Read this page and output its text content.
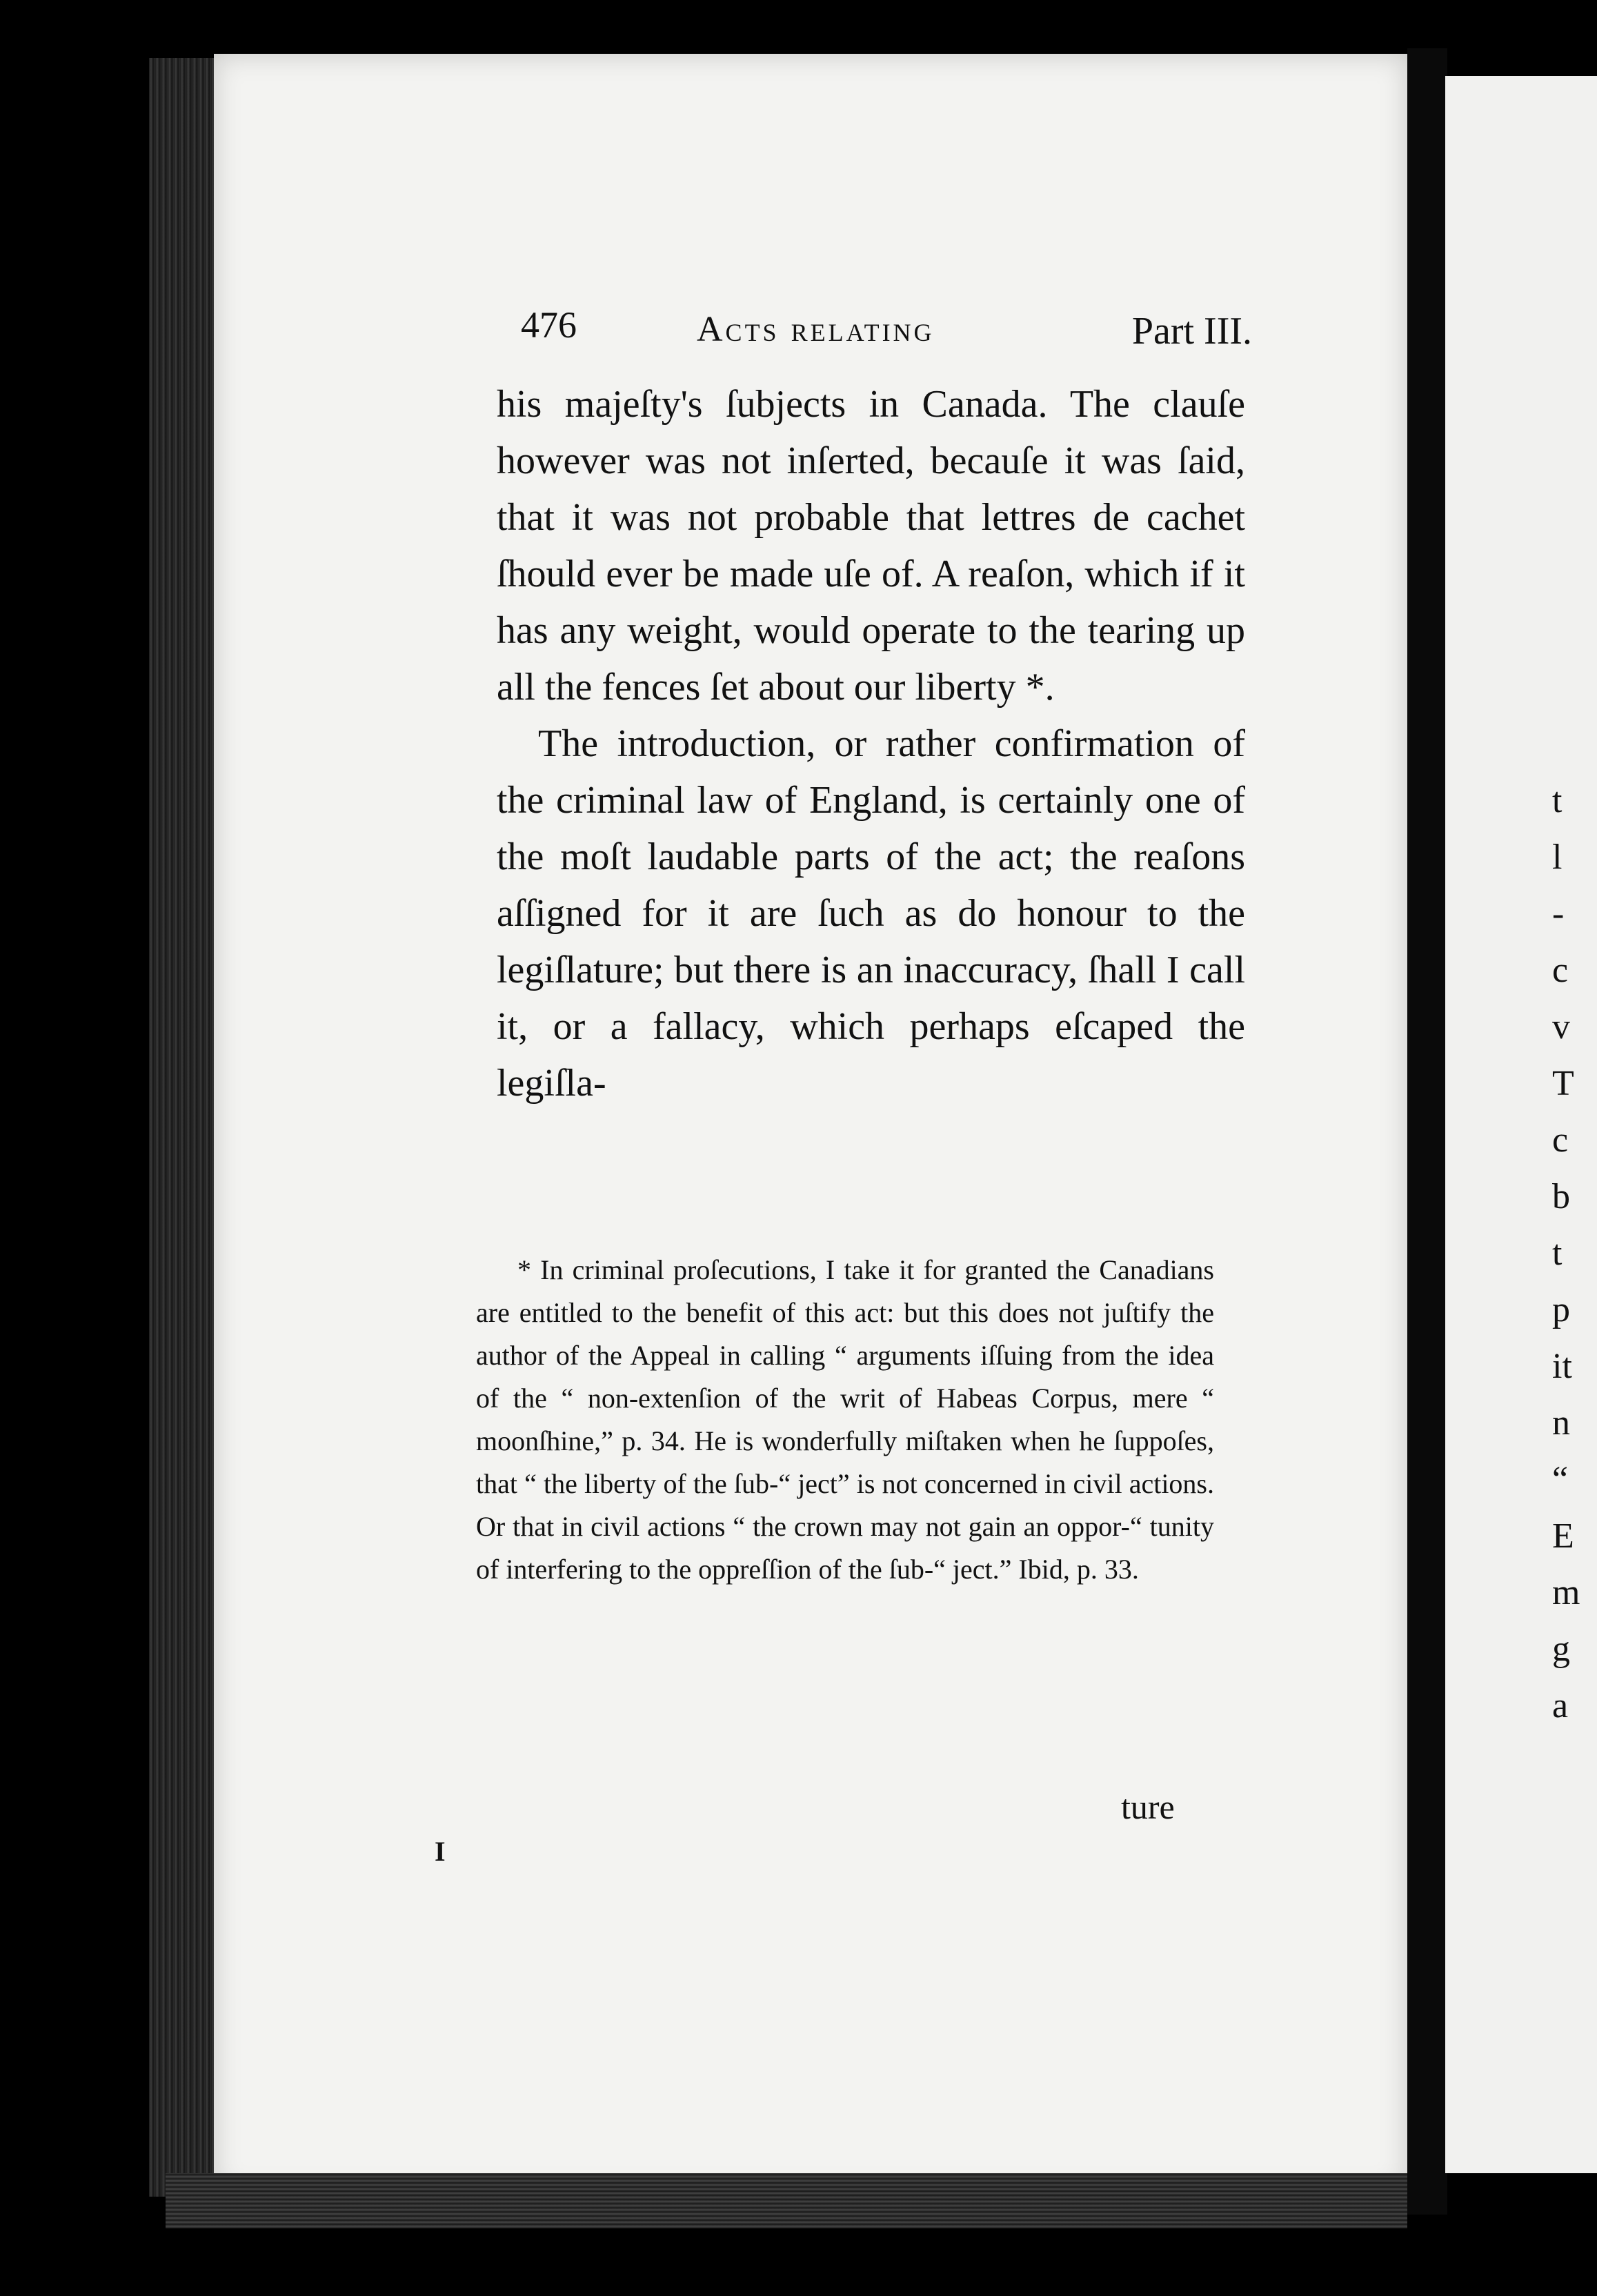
476	Acts relating	Part III.

his majeſty's ſubjects in Canada. The clauſe however was not inſerted, becauſe it was ſaid, that it was not probable that lettres de cachet ſhould ever be made uſe of. A reaſon, which if it has any weight, would operate to the tearing up all the fences ſet about our liberty *.

The introduction, or rather confirmation of the criminal law of England, is certainly one of the moſt laudable parts of the act; the reaſons aſſigned for it are ſuch as do honour to the legiſlature; but there is an inaccuracy, ſhall I call it, or a fallacy, which perhaps eſcaped the legiſla-

* In criminal proſecutions, I take it for granted the Canadians are entitled to the benefit of this act: but this does not juſtify the author of the Appeal in calling “ arguments iſſuing from the idea of the “ non-extenſion of the writ of Habeas Corpus, mere “ moonſhine,” p. 34. He is wonderfully miſtaken when he ſuppoſes, that “ the liberty of the ſub-“ ject” is not concerned in civil actions. Or that in civil actions “ the crown may not gain an oppor-“ tunity of interfering to the oppreſſion of the ſub-“ ject.” Ibid, p. 33.

ture
I
t
l
-
c
v
T
c
b
t
p
it
n
“
E
m
g
a
